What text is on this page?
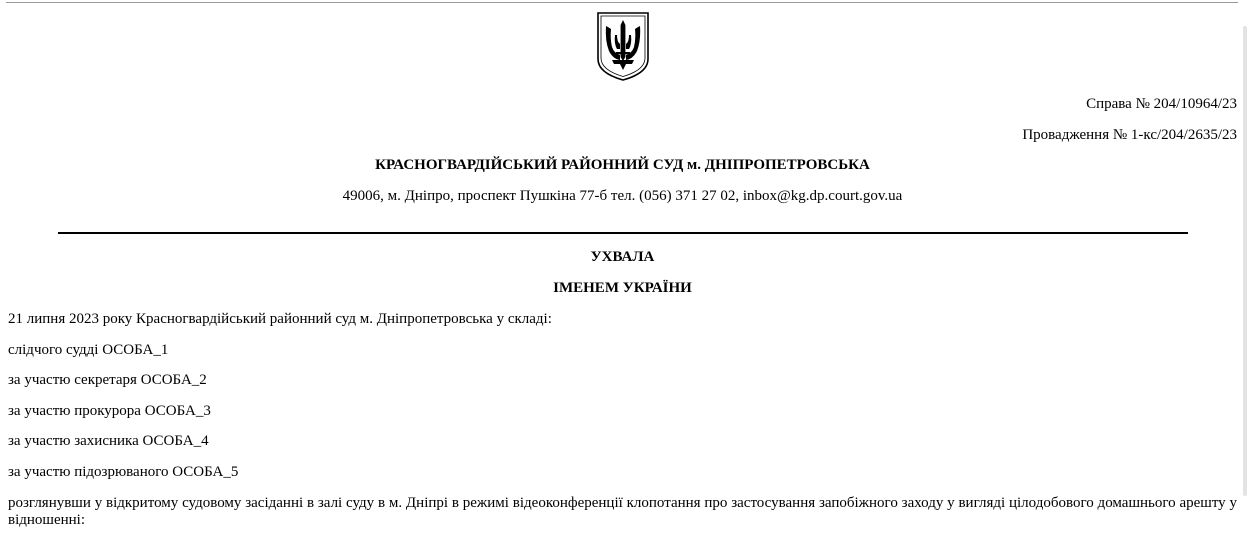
Справа № 204/10964/23
Провадження № 1-кс/204/2635/23
КРАСНОГВАРДІЙСЬКИЙ РАЙОННИЙ СУД м. ДНІПРОПЕТРОВСЬКА
49006, м. Дніпро, проспект Пушкіна 77-б тел. (056) 371 27 02, inbox@kg.dp.court.gov.ua
УХВАЛА
ІМЕНЕМ УКРАЇНИ
21 липня 2023 року Красногвардійський районний суд м. Дніпропетровська у складі:
слідчого судді ОСОБА_1
за участю секретаря ОСОБА_2
за участю прокурора ОСОБА_3
за участю захисника ОСОБА_4
за участю підозрюваного ОСОБА_5
розглянувши у відкритому судовому засіданні в залі суду в м. Дніпрі в режимі відеоконференції клопотання про застосування запобіжного заходу у вигляді цілодобового домашнього арешту у відношенні:
